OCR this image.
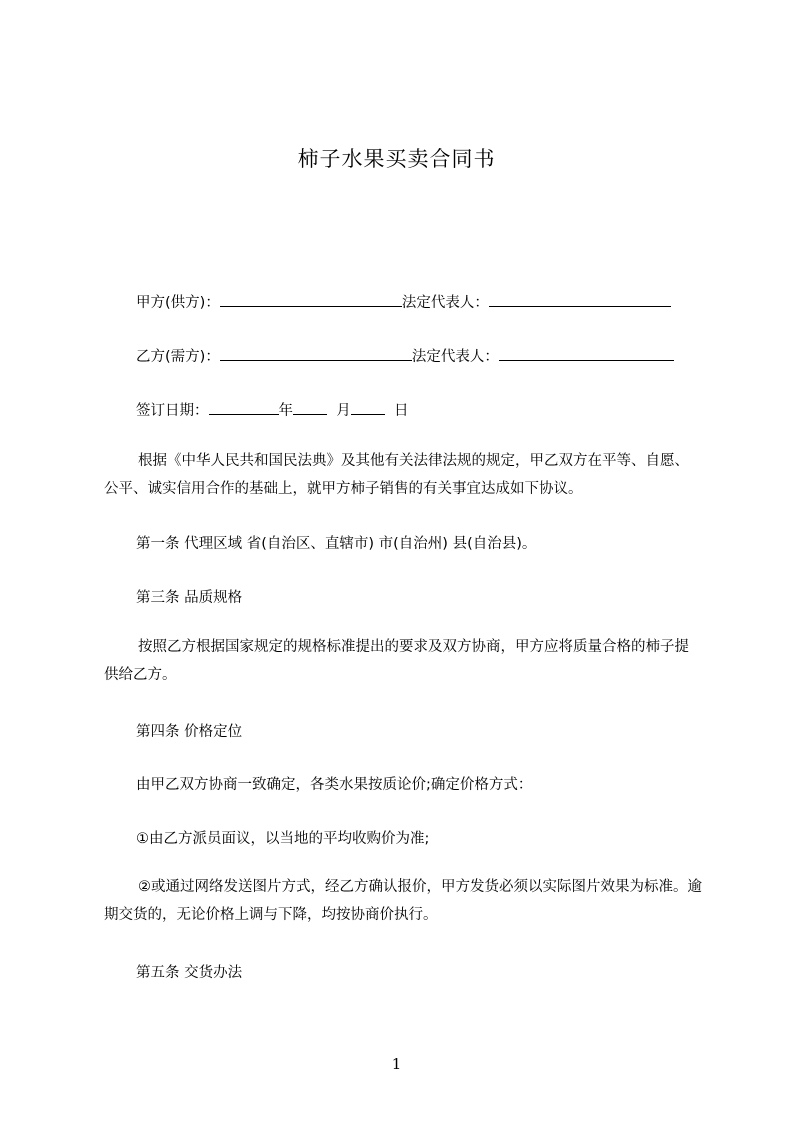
柿子水果买卖合同书
甲方(供方)：	法定代表人：
乙方(需方)：	法定代表人：
签订日期：	年	月	日
根据《中华人民共和国民法典》及其他有关法律法规的规定，甲乙双方在平等、自愿、公平、诚实信用合作的基础上，就甲方柿子销售的有关事宜达成如下协议。
第一条 代理区域 省(自治区、直辖市) 市(自治州) 县(自治县)。
第三条 品质规格
按照乙方根据国家规定的规格标准提出的要求及双方协商，甲方应将质量合格的柿子提供给乙方。
第四条 价格定位
由甲乙双方协商一致确定，各类水果按质论价;确定价格方式：
①由乙方派员面议，以当地的平均收购价为准;
②或通过网络发送图片方式，经乙方确认报价，甲方发货必须以实际图片效果为标准。逾期交货的，无论价格上调与下降，均按协商价执行。
第五条 交货办法
1
